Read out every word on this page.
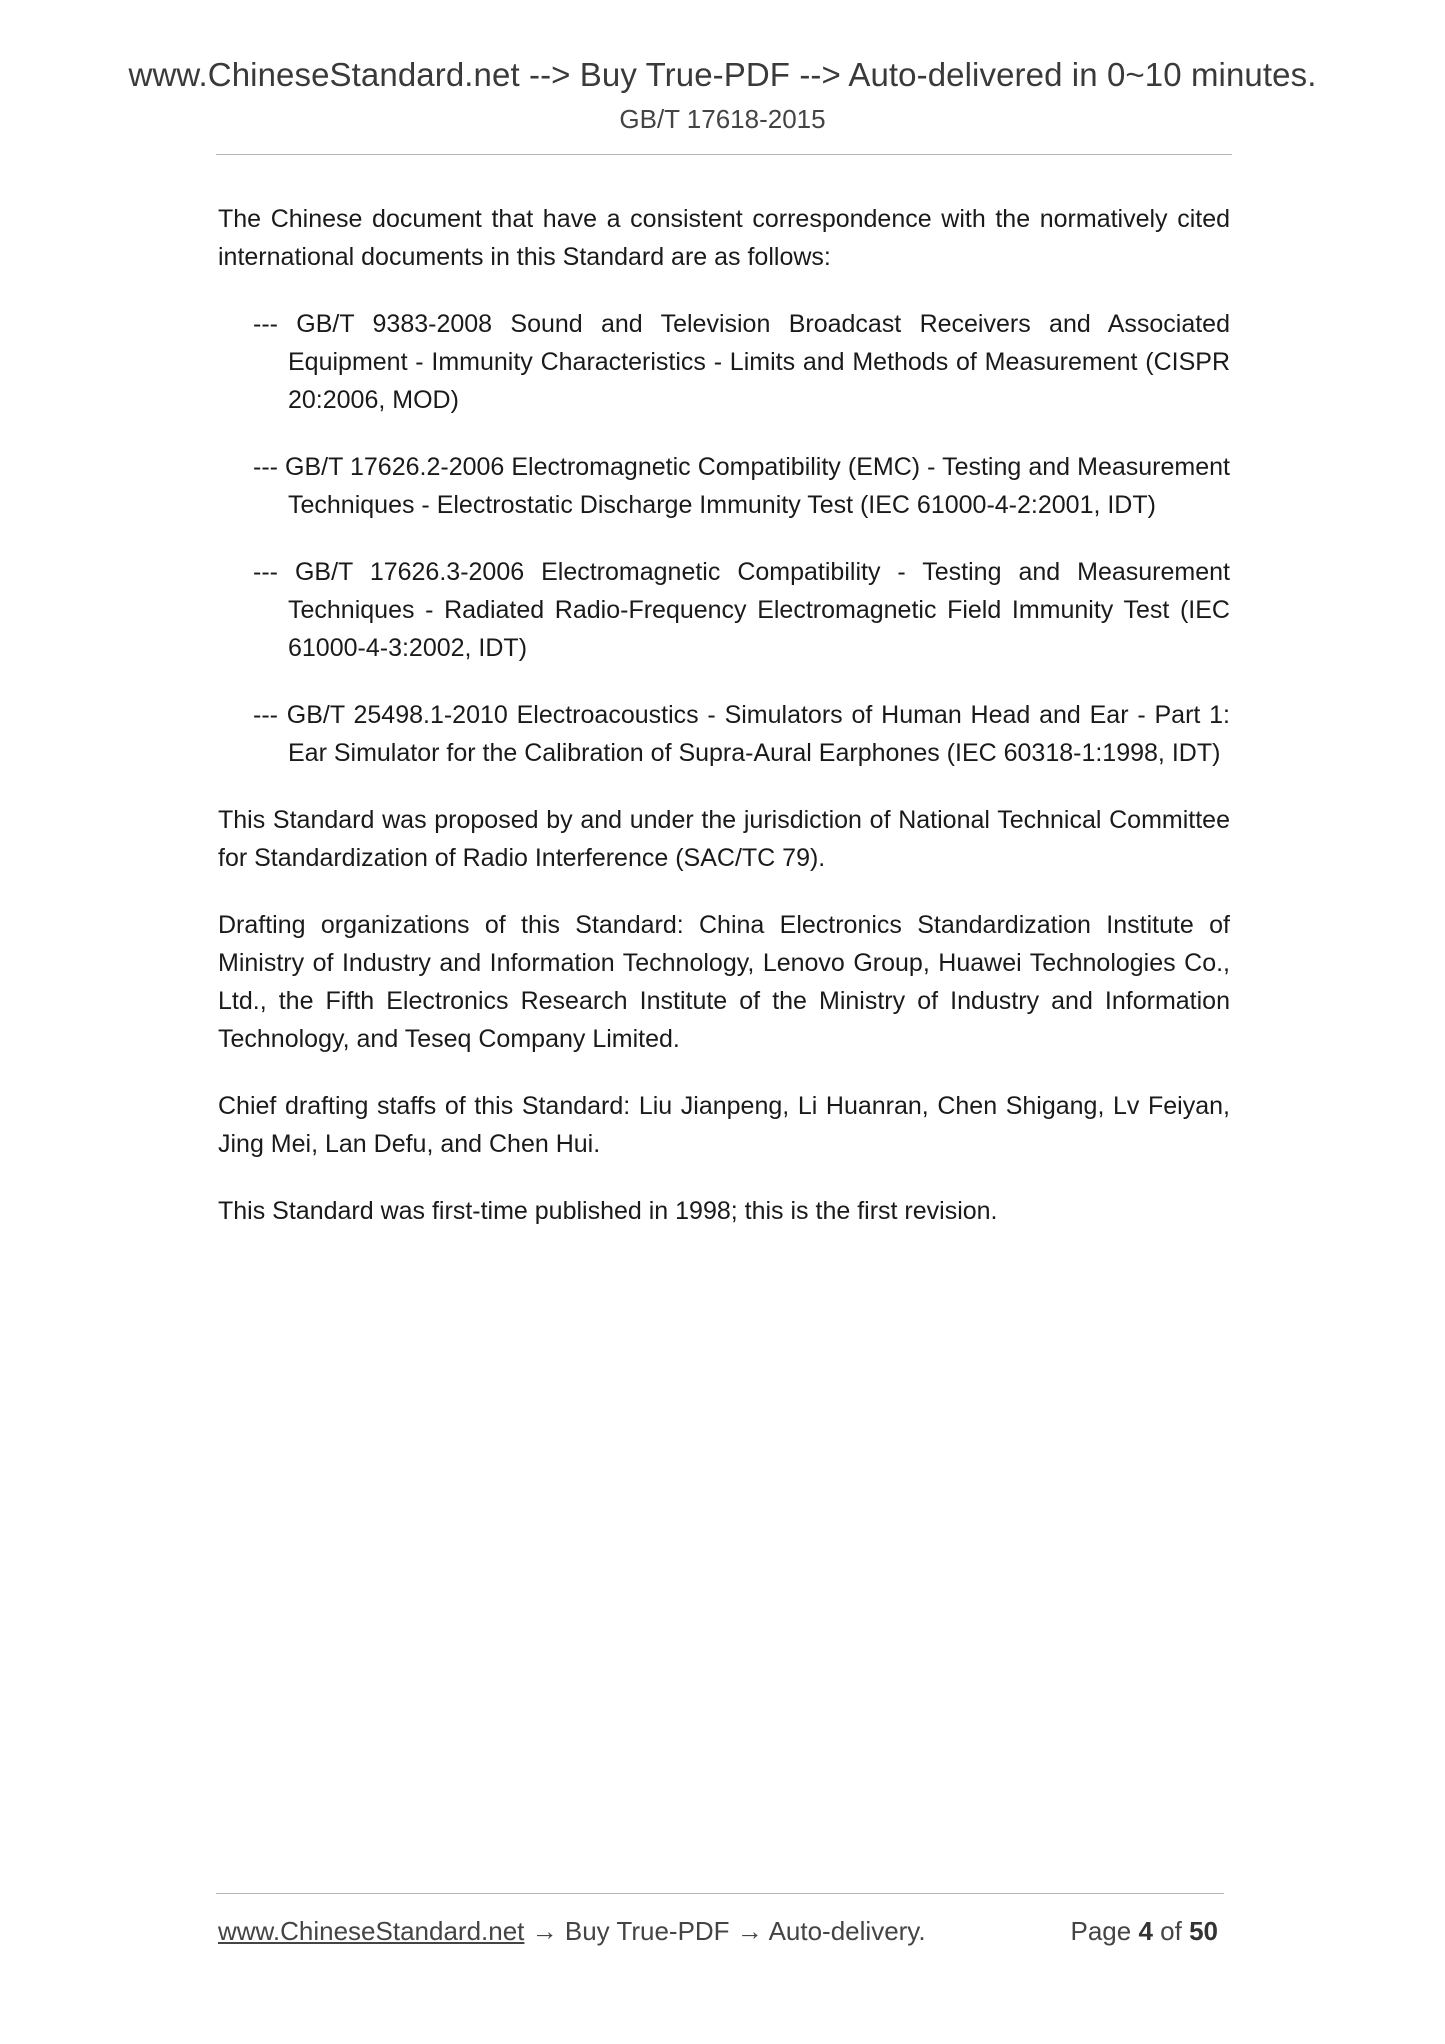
www.ChineseStandard.net --> Buy True-PDF --> Auto-delivered in 0~10 minutes.
GB/T 17618-2015

The Chinese document that have a consistent correspondence with the normatively cited international documents in this Standard are as follows:

--- GB/T 9383-2008 Sound and Television Broadcast Receivers and Associated Equipment - Immunity Characteristics - Limits and Methods of Measurement (CISPR 20:2006, MOD)
--- GB/T 17626.2-2006 Electromagnetic Compatibility (EMC) - Testing and Measurement Techniques - Electrostatic Discharge Immunity Test (IEC 61000-4-2:2001, IDT)
--- GB/T 17626.3-2006 Electromagnetic Compatibility - Testing and Measurement Techniques - Radiated Radio-Frequency Electromagnetic Field Immunity Test (IEC 61000-4-3:2002, IDT)
--- GB/T 25498.1-2010 Electroacoustics - Simulators of Human Head and Ear - Part 1: Ear Simulator for the Calibration of Supra-Aural Earphones (IEC 60318-1:1998, IDT)

This Standard was proposed by and under the jurisdiction of National Technical Committee for Standardization of Radio Interference (SAC/TC 79).

Drafting organizations of this Standard: China Electronics Standardization Institute of Ministry of Industry and Information Technology, Lenovo Group, Huawei Technologies Co., Ltd., the Fifth Electronics Research Institute of the Ministry of Industry and Information Technology, and Teseq Company Limited.

Chief drafting staffs of this Standard: Liu Jianpeng, Li Huanran, Chen Shigang, Lv Feiyan, Jing Mei, Lan Defu, and Chen Hui.

This Standard was first-time published in 1998; this is the first revision.

www.ChineseStandard.net → Buy True-PDF → Auto-delivery.	Page 4 of 50
